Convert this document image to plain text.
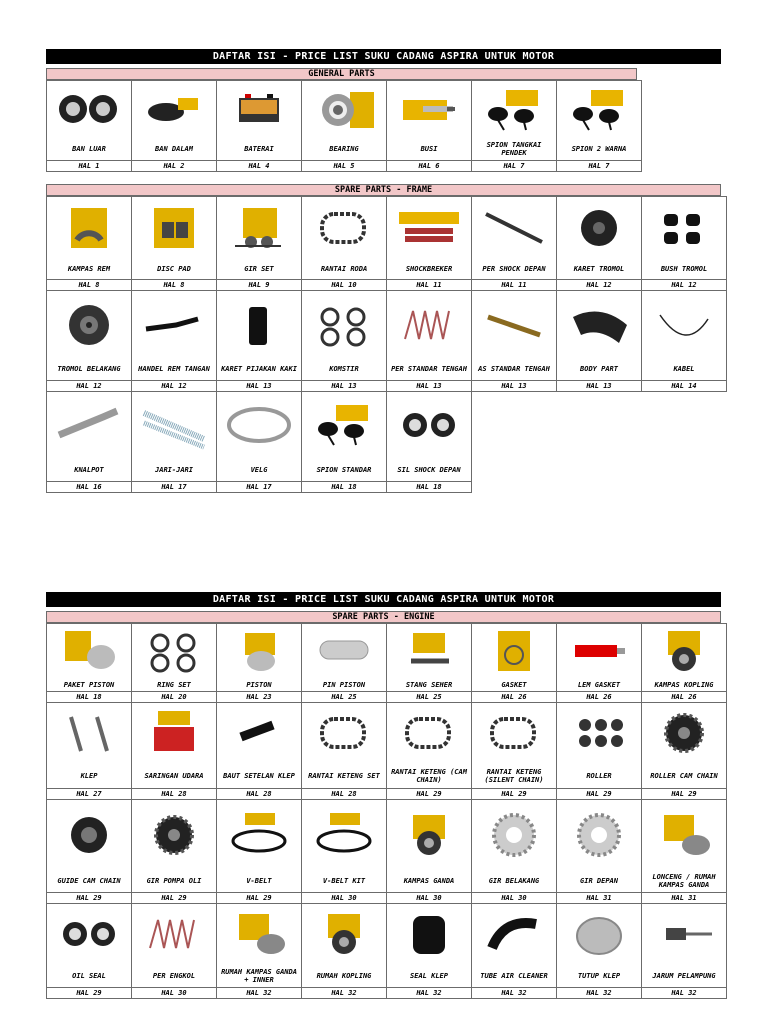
DAFTAR ISI - PRICE LIST SUKU CADANG ASPIRA UNTUK MOTOR
GENERAL PARTS
BAN LUAR
HAL 1
BAN DALAM
HAL 2
BATERAI
HAL 4
BEARING
HAL 5
BUSI
HAL 6
SPION TANGKAI PENDEK
HAL 7
SPION 2 WARNA
HAL 7
SPARE PARTS - FRAME
KAMPAS REM
HAL 8
DISC PAD
HAL 8
GIR SET
HAL 9
RANTAI RODA
HAL 10
SHOCKBREKER
HAL 11
PER SHOCK DEPAN
HAL 11
KARET TROMOL
HAL 12
BUSH TROMOL
HAL 12
TROMOL BELAKANG
HAL 12
HANDEL REM TANGAN
HAL 12
KARET PIJAKAN KAKI
HAL 13
KOMSTIR
HAL 13
PER STANDAR TENGAH
HAL 13
AS STANDAR TENGAH
HAL 13
BODY PART
HAL 13
KABEL
HAL 14
KNALPOT
HAL 16
JARI-JARI
HAL 17
VELG
HAL 17
SPION STANDAR
HAL 18
SIL SHOCK DEPAN
HAL 18
DAFTAR ISI - PRICE LIST SUKU CADANG ASPIRA UNTUK MOTOR
SPARE PARTS - ENGINE
PAKET PISTON
HAL 18
RING SET
HAL 20
PISTON
HAL 23
PIN PISTON
HAL 25
STANG SEHER
HAL 25
GASKET
HAL 26
LEM GASKET
HAL 26
KAMPAS KOPLING
HAL 26
KLEP
HAL 27
SARINGAN UDARA
HAL 28
BAUT SETELAN KLEP
HAL 28
RANTAI KETENG SET
HAL 28
RANTAI KETENG (CAM CHAIN)
HAL 29
RANTAI KETENG (SILENT CHAIN)
HAL 29
ROLLER
HAL 29
ROLLER CAM CHAIN
HAL 29
GUIDE CAM CHAIN
HAL 29
GIR POMPA OLI
HAL 29
V-BELT
HAL 29
V-BELT KIT
HAL 30
KAMPAS GANDA
HAL 30
GIR BELAKANG
HAL 30
GIR DEPAN
HAL 31
LONCENG / RUMAH KAMPAS GANDA
HAL 31
OIL SEAL
HAL 29
PER ENGKOL
HAL 30
RUMAH KAMPAS GANDA + INNER
HAL 32
RUMAH KOPLING
HAL 32
SEAL KLEP
HAL 32
TUBE AIR CLEANER
HAL 32
TUTUP KLEP
HAL 32
JARUM PELAMPUNG
HAL 32
